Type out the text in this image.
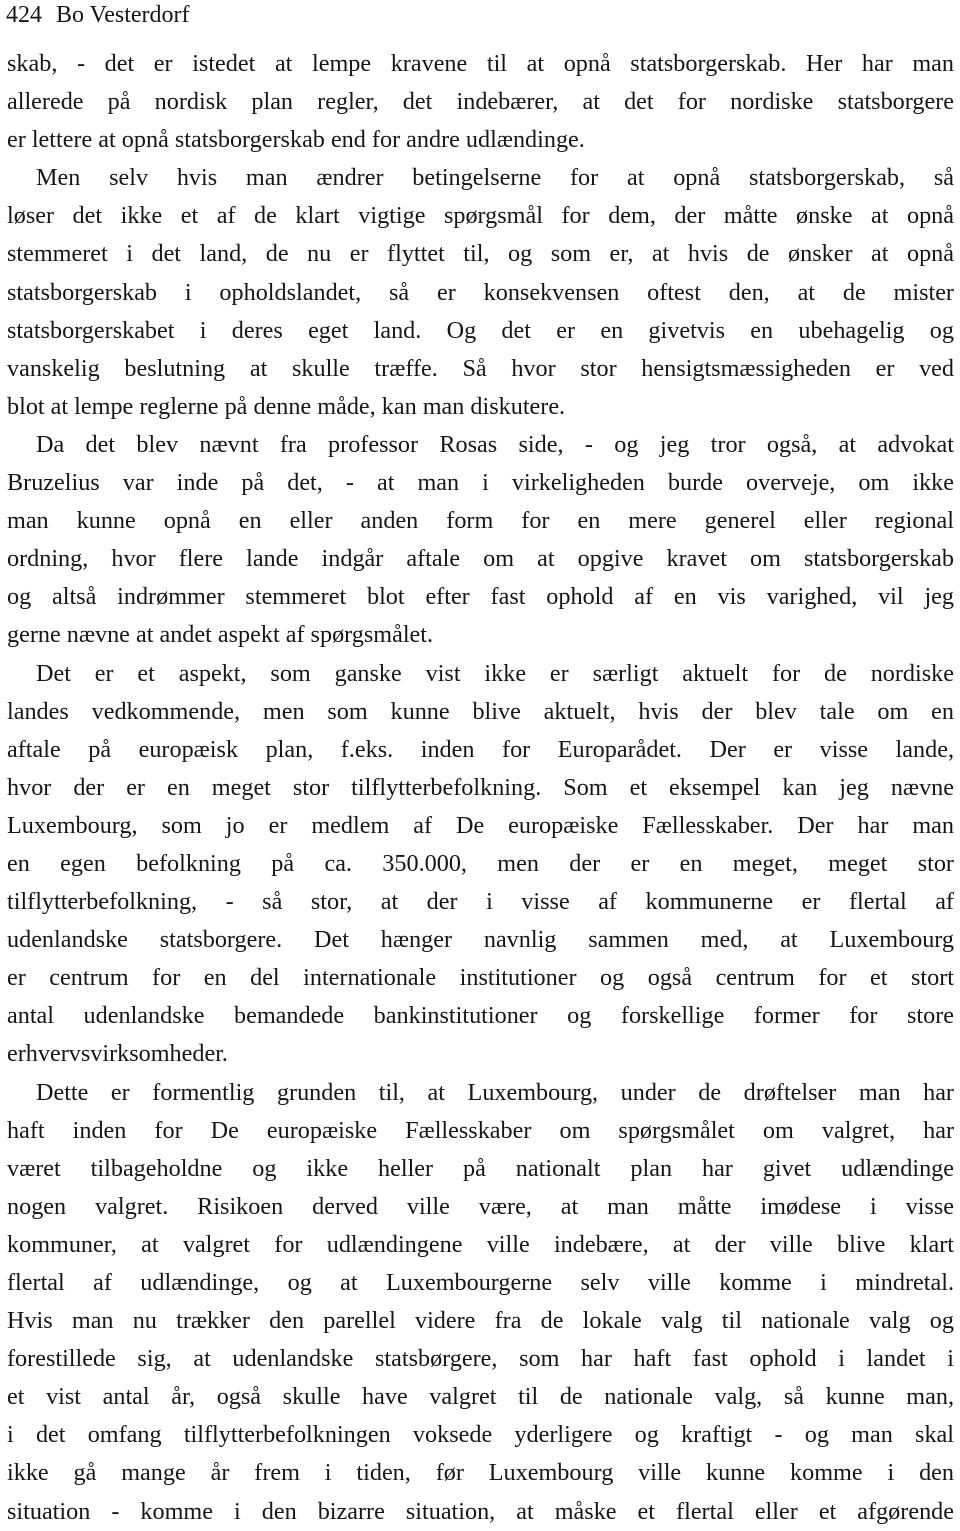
424 Bo Vesterdorf
skab, - det er istedet at lempe kravene til at opnå statsborgerskab. Her har man
allerede på nordisk plan regler, det indebærer, at det for nordiske statsborgere
er lettere at opnå statsborgerskab end for andre udlændinge.
Men selv hvis man ændrer betingelserne for at opnå statsborgerskab, så
løser det ikke et af de klart vigtige spørgsmål for dem, der måtte ønske at opnå
stemmeret i det land, de nu er flyttet til, og som er, at hvis de ønsker at opnå
statsborgerskab i opholdslandet, så er konsekvensen oftest den, at de mister
statsborgerskabet i deres eget land. Og det er en givetvis en ubehagelig og
vanskelig beslutning at skulle træffe. Så hvor stor hensigtsmæssigheden er ved
blot at lempe reglerne på denne måde, kan man diskutere.
Da det blev nævnt fra professor Rosas side, - og jeg tror også, at advokat
Bruzelius var inde på det, - at man i virkeligheden burde overveje, om ikke
man kunne opnå en eller anden form for en mere generel eller regional
ordning, hvor flere lande indgår aftale om at opgive kravet om statsborgerskab
og altså indrømmer stemmeret blot efter fast ophold af en vis varighed, vil jeg
gerne nævne at andet aspekt af spørgsmålet.
Det er et aspekt, som ganske vist ikke er særligt aktuelt for de nordiske
landes vedkommende, men som kunne blive aktuelt, hvis der blev tale om en
aftale på europæisk plan, f.eks. inden for Europarådet. Der er visse lande,
hvor der er en meget stor tilflytterbefolkning. Som et eksempel kan jeg nævne
Luxembourg, som jo er medlem af De europæiske Fællesskaber. Der har man
en egen befolkning på ca. 350.000, men der er en meget, meget stor
tilflytterbefolkning, - så stor, at der i visse af kommunerne er flertal af
udenlandske statsborgere. Det hænger navnlig sammen med, at Luxembourg
er centrum for en del internationale institutioner og også centrum for et stort
antal udenlandske bemandede bankinstitutioner og forskellige former for store
erhvervsvirksomheder.
Dette er formentlig grunden til, at Luxembourg, under de drøftelser man har
haft inden for De europæiske Fællesskaber om spørgsmålet om valgret, har
været tilbageholdne og ikke heller på nationalt plan har givet udlændinge
nogen valgret. Risikoen derved ville være, at man måtte imødese i visse
kommuner, at valgret for udlændingene ville indebære, at der ville blive klart
flertal af udlændinge, og at Luxembourgerne selv ville komme i mindretal.
Hvis man nu trækker den parellel videre fra de lokale valg til nationale valg og
forestillede sig, at udenlandske statsbørgere, som har haft fast ophold i landet i
et vist antal år, også skulle have valgret til de nationale valg, så kunne man,
i det omfang tilflytterbefolkningen voksede yderligere og kraftigt - og man skal
ikke gå mange år frem i tiden, før Luxembourg ville kunne komme i den
situation - komme i den bizarre situation, at måske et flertal eller et afgørende
